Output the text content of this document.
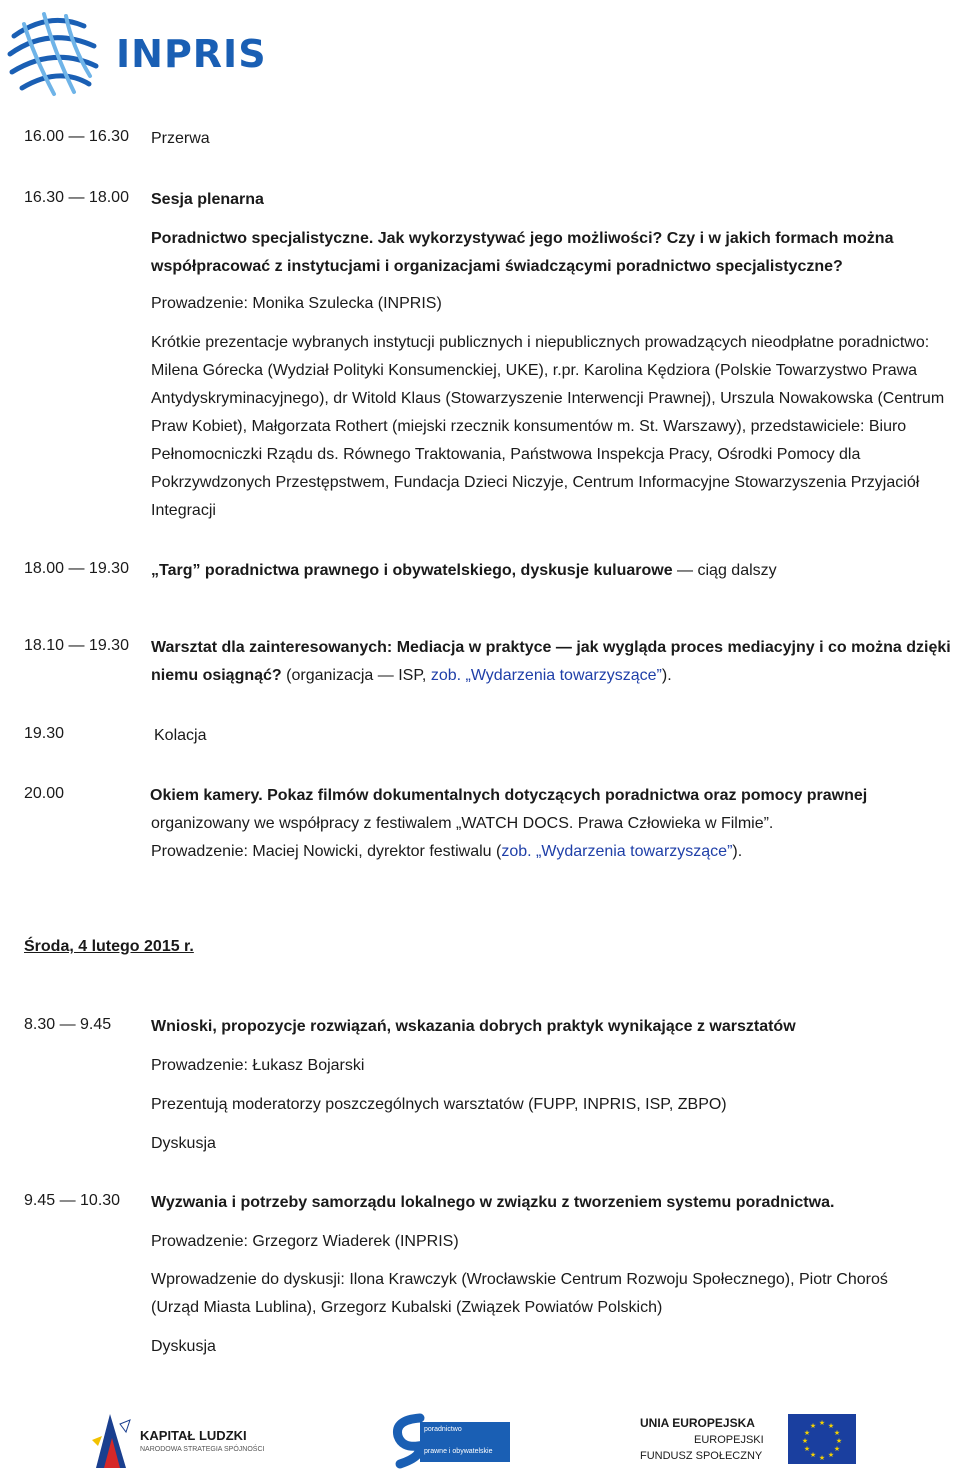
INPRIS
16.00 — 16.30 Przerwa
16.30 — 18.00 Sesja plenarna
Poradnictwo specjalistyczne. Jak wykorzystywać jego możliwości? Czy i w jakich formach można współpracować z instytucjami i organizacjami świadczącymi poradnictwo specjalistyczne?
Prowadzenie: Monika Szulecka (INPRIS)
Krótkie prezentacje wybranych instytucji publicznych i niepublicznych prowadzących nieodpłatne poradnictwo: Milena Górecka (Wydział Polityki Konsumenckiej, UKE), r.pr. Karolina Kędziora (Polskie Towarzystwo Prawa Antydyskryminacyjnego), dr Witold Klaus (Stowarzyszenie Interwencji Prawnej), Urszula Nowakowska (Centrum Praw Kobiet), Małgorzata Rothert (miejski rzecznik konsumentów m. St. Warszawy), przedstawiciele: Biuro Pełnomocniczki Rządu ds. Równego Traktowania, Państwowa Inspekcja Pracy, Ośrodki Pomocy dla Pokrzywdzonych Przestępstwem, Fundacja Dzieci Niczyje, Centrum Informacyjne Stowarzyszenia Przyjaciół Integracji
18.00 — 19.30 „Targ” poradnictwa prawnego i obywatelskiego, dyskusje kuluarowe — ciąg dalszy
18.10 — 19.30 Warsztat dla zainteresowanych: Mediacja w praktyce — jak wygląda proces mediacyjny i co można dzięki niemu osiągnąć? (organizacja — ISP, zob. „Wydarzenia towarzyszące”).
19.30	Kolacja
20.00	Okiem kamery. Pokaz filmów dokumentalnych dotyczących poradnictwa oraz pomocy prawnej
organizowany we współpracy z festiwalem „WATCH DOCS. Prawa Człowieka w Filmie”.
Prowadzenie: Maciej Nowicki, dyrektor festiwalu (zob. „Wydarzenia towarzyszące”).
Środa, 4 lutego 2015 r.
8.30 — 9.45 Wnioski, propozycje rozwiązań, wskazania dobrych praktyk wynikające z warsztatów
Prowadzenie: Łukasz Bojarski
Prezentują moderatorzy poszczególnych warsztatów (FUPP, INPRIS, ISP, ZBPO)
Dyskusja
9.45 — 10.30 Wyzwania i potrzeby samorządu lokalnego w związku z tworzeniem systemu poradnictwa.
Prowadzenie: Grzegorz Wiaderek (INPRIS)
Wprowadzenie do dyskusji: Ilona Krawczyk (Wrocławskie Centrum Rozwoju Społecznego), Piotr Choroś (Urząd Miasta Lublina), Grzegorz Kubalski (Związek Powiatów Polskich)
Dyskusja
KAPITAŁ LUDZKI
NARODOWA STRATEGIA SPÓJNOŚCI
poradnictwo
prawne i obywatelskie
UNIA EUROPEJSKA
EUROPEJSKI
FUNDUSZ SPOŁECZNY
★ ★
★
★
★
★
★
★
★
★
★
★
